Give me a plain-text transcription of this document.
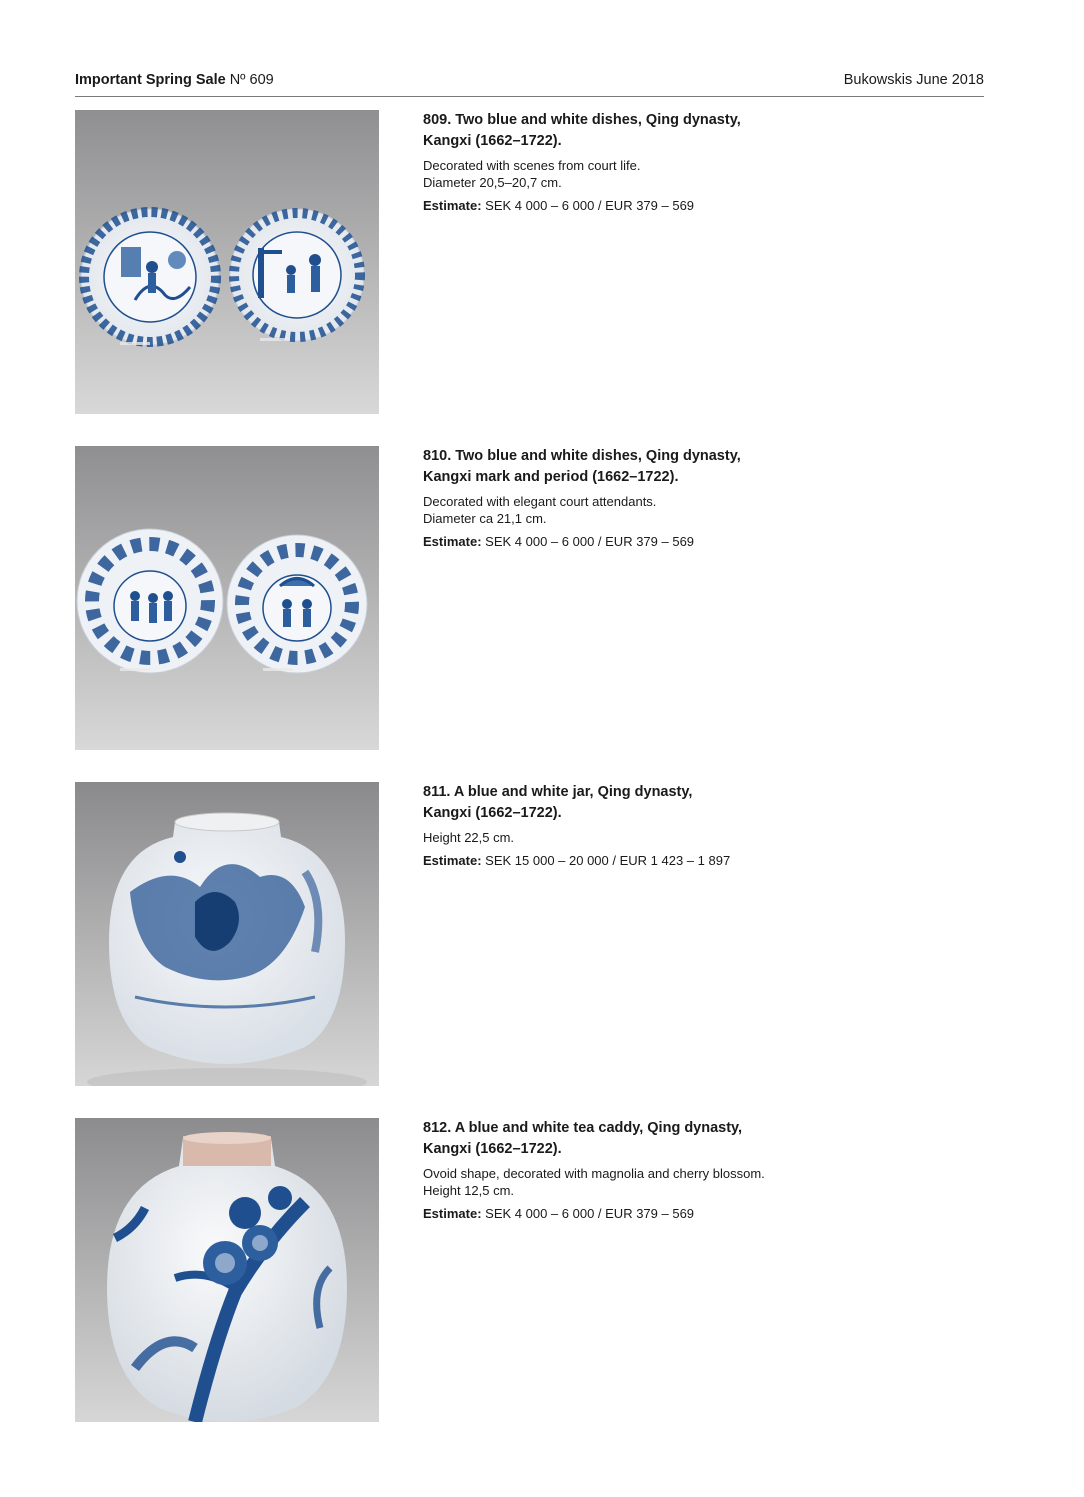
Important Spring Sale Nº 609	Bukowskis June 2018
809. Two blue and white dishes, Qing dynasty,
Kangxi (1662–1722).
Decorated with scenes from court life.
Diameter 20,5–20,7 cm.
Estimate: SEK 4 000 – 6 000 / EUR 379 – 569
810. Two blue and white dishes, Qing dynasty,
Kangxi mark and period (1662–1722).
Decorated with elegant court attendants.
Diameter ca 21,1 cm.
Estimate: SEK 4 000 – 6 000 / EUR 379 – 569
811. A blue and white jar, Qing dynasty,
Kangxi (1662–1722).
Height 22,5 cm.
Estimate: SEK 15 000 – 20 000 / EUR 1 423 – 1 897
812. A blue and white tea caddy, Qing dynasty,
Kangxi (1662–1722).
Ovoid shape, decorated with magnolia and cherry blossom.
Height 12,5 cm.
Estimate: SEK 4 000 – 6 000 / EUR 379 – 569
